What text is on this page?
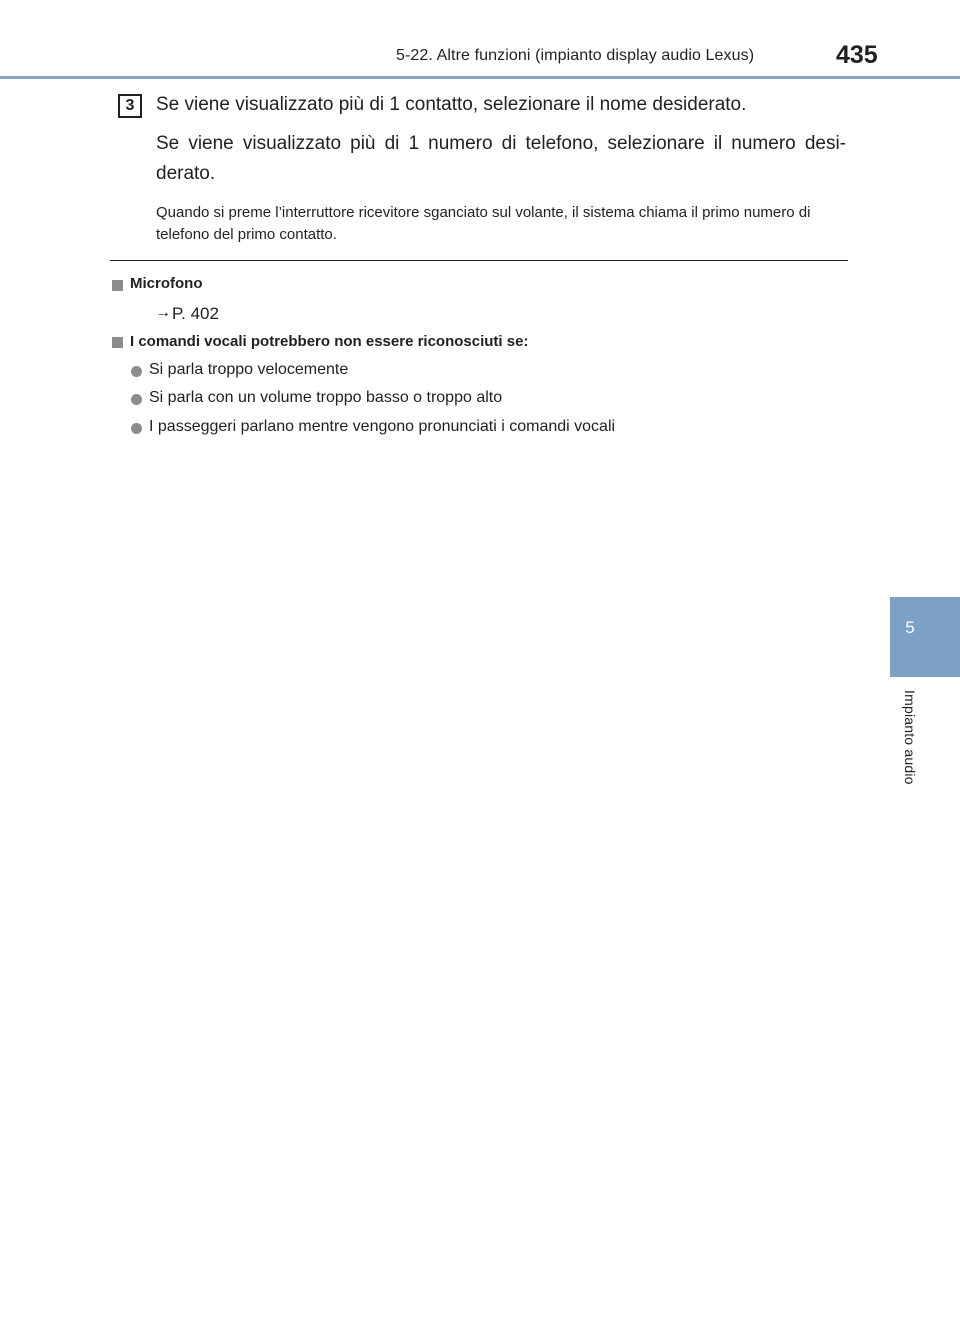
5-22. Altre funzioni (impianto display audio Lexus)	435
5
Impianto audio
3	Se viene visualizzato più di 1 contatto, selezionare il nome desiderato.
Se viene visualizzato più di 1 numero di telefono, selezionare il numero desi-
derato.
Quando si preme l’interruttore ricevitore sganciato sul volante, il sistema chiama il primo numero di telefono del primo contatto.
Microfono
→ P. 402
I comandi vocali potrebbero non essere riconosciuti se:
Si parla troppo velocemente
Si parla con un volume troppo basso o troppo alto
I passeggeri parlano mentre vengono pronunciati i comandi vocali
